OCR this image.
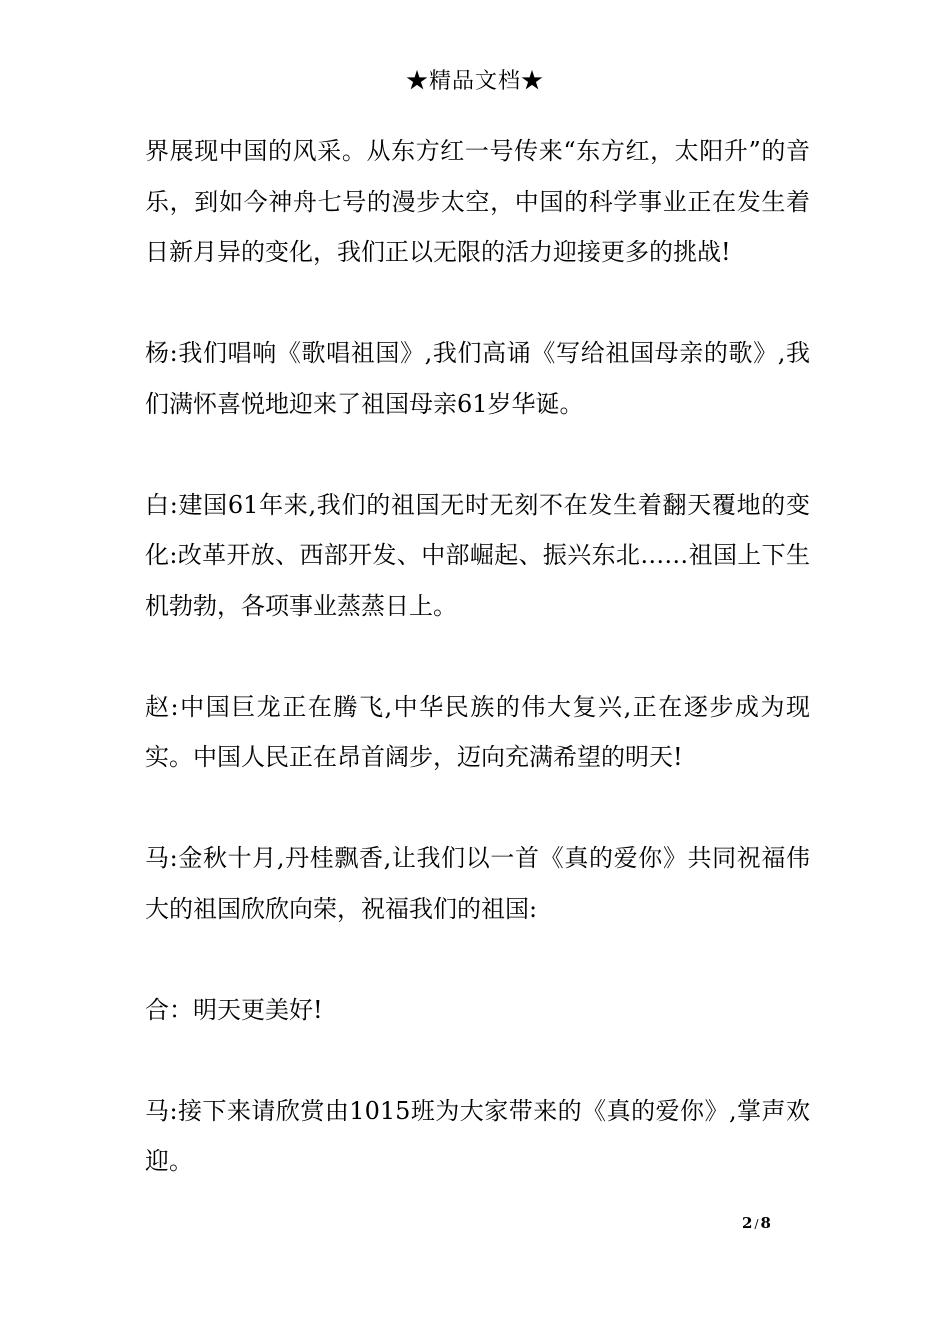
★精品文档★

界展现中国的风采。从东方红一号传来“东方红，太阳升”的音乐，到如今神舟七号的漫步太空，中国的科学事业正在发生着日新月异的变化，我们正以无限的活力迎接更多的挑战!

杨:我们唱响《歌唱祖国》,我们高诵《写给祖国母亲的歌》,我们满怀喜悦地迎来了祖国母亲61岁华诞。

白:建国61年来,我们的祖国无时无刻不在发生着翻天覆地的变化:改革开放、西部开发、中部崛起、振兴东北……祖国上下生机勃勃，各项事业蒸蒸日上。

赵:中国巨龙正在腾飞,中华民族的伟大复兴,正在逐步成为现实。中国人民正在昂首阔步，迈向充满希望的明天!

马:金秋十月,丹桂飘香,让我们以一首《真的爱你》共同祝福伟大的祖国欣欣向荣，祝福我们的祖国:

合：明天更美好!

马:接下来请欣赏由1015班为大家带来的《真的爱你》,掌声欢迎。

2 / 8
